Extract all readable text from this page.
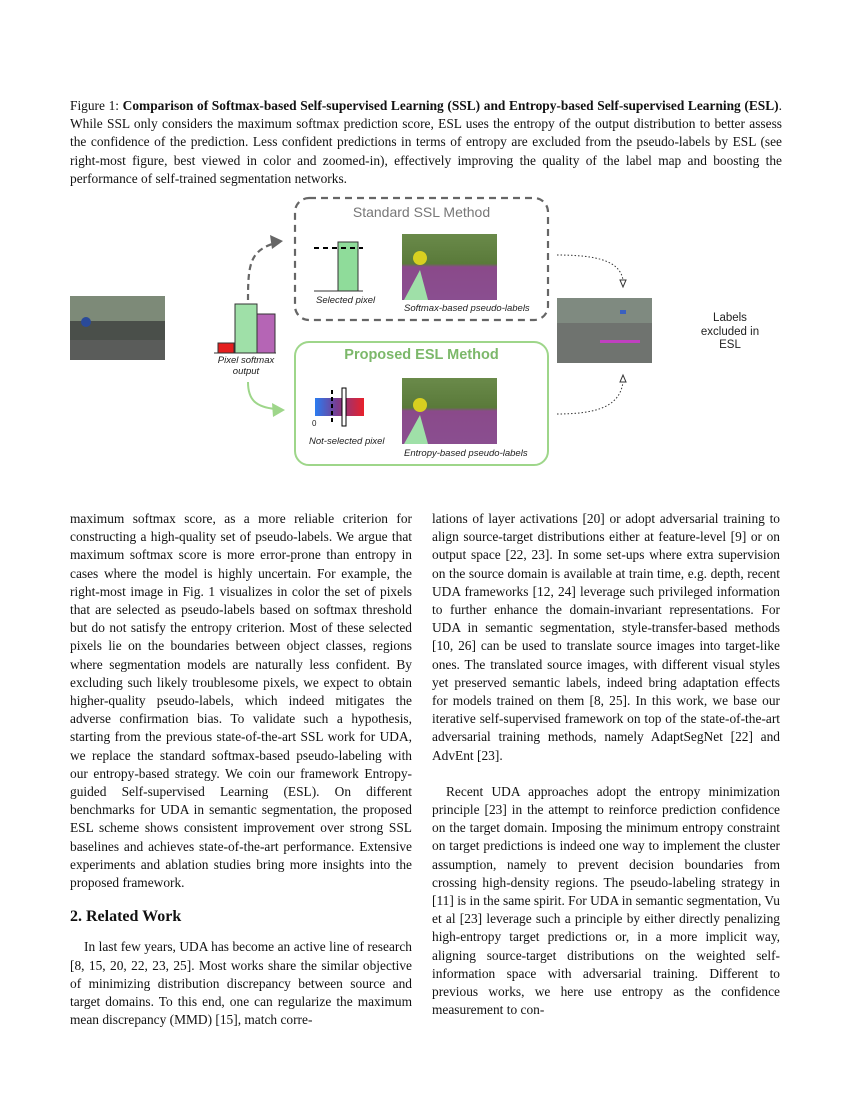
Figure 1: Comparison of Softmax-based Self-supervised Learning (SSL) and Entropy-based Self-supervised Learning (ESL). While SSL only considers the maximum softmax prediction score, ESL uses the entropy of the output distribution to better assess the confidence of the prediction. Less confident predictions in terms of entropy are excluded from the pseudo-labels by ESL (see right-most figure, best viewed in color and zoomed-in), effectively improving the quality of the label map and boosting the performance of self-trained segmentation networks.
Standard SSL Method
Proposed ESL Method
Selected pixel
Softmax-based pseudo-labels
Pixel softmax output
0
Not-selected pixel
Entropy-based pseudo-labels
Labels excluded in ESL

maximum softmax score, as a more reliable criterion for constructing a high-quality set of pseudo-labels. We argue that maximum softmax score is more error-prone than entropy in cases where the model is highly uncertain. For example, the right-most image in Fig. 1 visualizes in color the set of pixels that are selected as pseudo-labels based on softmax threshold but do not satisfy the entropy criterion. Most of these selected pixels lie on the boundaries between object classes, regions where segmentation models are naturally less confident. By excluding such likely troublesome pixels, we expect to obtain higher-quality pseudo-labels, which indeed mitigates the adverse confirmation bias. To validate such a hypothesis, starting from the previous state-of-the-art SSL work for UDA, we replace the standard softmax-based pseudo-labeling with our entropy-based strategy. We coin our framework Entropy-guided Self-supervised Learning (ESL). On different benchmarks for UDA in semantic segmentation, the proposed ESL scheme shows consistent improvement over strong SSL baselines and achieves state-of-the-art performance. Extensive experiments and ablation studies bring more insights into the proposed framework.

2. Related Work

In last few years, UDA has become an active line of research [8, 15, 20, 22, 23, 25]. Most works share the similar objective of minimizing distribution discrepancy between source and target domains. To this end, one can regularize the maximum mean discrepancy (MMD) [15], match corre-

lations of layer activations [20] or adopt adversarial training to align source-target distributions either at feature-level [9] or on output space [22, 23]. In some set-ups where extra supervision on the source domain is available at train time, e.g. depth, recent UDA frameworks [12, 24] leverage such privileged information to further enhance the domain-invariant representations. For UDA in semantic segmentation, style-transfer-based methods [10, 26] can be used to translate source images into target-like ones. The translated source images, with different visual styles yet preserved semantic labels, indeed bring adaptation effects for models trained on them [8, 25]. In this work, we base our iterative self-supervised framework on top of the state-of-the-art adversarial training methods, namely AdaptSegNet [22] and AdvEnt [23].

Recent UDA approaches adopt the entropy minimization principle [23] in the attempt to reinforce prediction confidence on the target domain. Imposing the minimum entropy constraint on target predictions is indeed one way to implement the cluster assumption, namely to prevent decision boundaries from crossing high-density regions. The pseudo-labeling strategy in [11] is in the same spirit. For UDA in semantic segmentation, Vu et al [23] leverage such a principle by either directly penalizing high-entropy target predictions or, in a more implicit way, aligning source-target distributions on the weighted self-information space with adversarial training. Different to previous works, we here use entropy as the confidence measurement to con-
